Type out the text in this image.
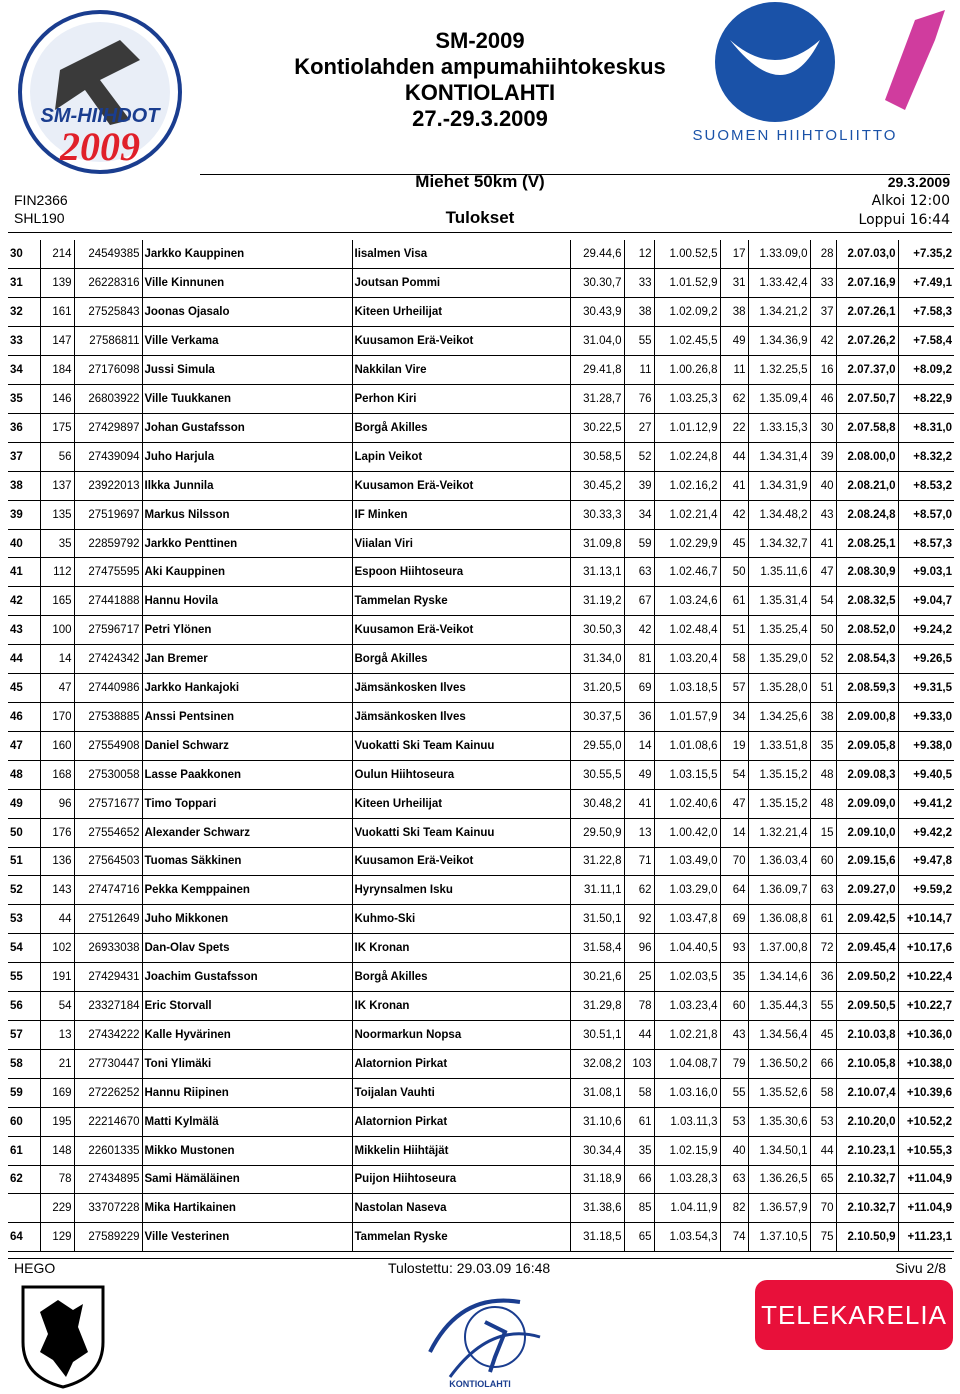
SM-HIIHDOT
2009
SM-2009
Kontiolahden ampumahiihtokeskus
KONTIOLAHTI
27.-29.3.2009
SUOMEN HIIHTOLIITTO
Miehet 50km (V)
Tulokset
FIN2366
SHL190
29.3.2009
Alkoi 12:00
Loppui 16:44
30	214	24549385	Jarkko Kauppinen	Iisalmen Visa	29.44,6	12	1.00.52,5	17	1.33.09,0	28	2.07.03,0	+7.35,2
31	139	26228316	Ville Kinnunen	Joutsan Pommi	30.30,7	33	1.01.52,9	31	1.33.42,4	33	2.07.16,9	+7.49,1
32	161	27525843	Joonas Ojasalo	Kiteen Urheilijat	30.43,9	38	1.02.09,2	38	1.34.21,2	37	2.07.26,1	+7.58,3
33	147	27586811	Ville Verkama	Kuusamon Erä-Veikot	31.04,0	55	1.02.45,5	49	1.34.36,9	42	2.07.26,2	+7.58,4
34	184	27176098	Jussi Simula	Nakkilan Vire	29.41,8	11	1.00.26,8	11	1.32.25,5	16	2.07.37,0	+8.09,2
35	146	26803922	Ville Tuukkanen	Perhon Kiri	31.28,7	76	1.03.25,3	62	1.35.09,4	46	2.07.50,7	+8.22,9
36	175	27429897	Johan Gustafsson	Borgå Akilles	30.22,5	27	1.01.12,9	22	1.33.15,3	30	2.07.58,8	+8.31,0
37	56	27439094	Juho Harjula	Lapin Veikot	30.58,5	52	1.02.24,8	44	1.34.31,4	39	2.08.00,0	+8.32,2
38	137	23922013	Ilkka Junnila	Kuusamon Erä-Veikot	30.45,2	39	1.02.16,2	41	1.34.31,9	40	2.08.21,0	+8.53,2
39	135	27519697	Markus Nilsson	IF Minken	30.33,3	34	1.02.21,4	42	1.34.48,2	43	2.08.24,8	+8.57,0
40	35	22859792	Jarkko Penttinen	Viialan Viri	31.09,8	59	1.02.29,9	45	1.34.32,7	41	2.08.25,1	+8.57,3
41	112	27475595	Aki Kauppinen	Espoon Hiihtoseura	31.13,1	63	1.02.46,7	50	1.35.11,6	47	2.08.30,9	+9.03,1
42	165	27441888	Hannu Hovila	Tammelan Ryske	31.19,2	67	1.03.24,6	61	1.35.31,4	54	2.08.32,5	+9.04,7
43	100	27596717	Petri Ylönen	Kuusamon Erä-Veikot	30.50,3	42	1.02.48,4	51	1.35.25,4	50	2.08.52,0	+9.24,2
44	14	27424342	Jan Bremer	Borgå Akilles	31.34,0	81	1.03.20,4	58	1.35.29,0	52	2.08.54,3	+9.26,5
45	47	27440986	Jarkko Hankajoki	Jämsänkosken Ilves	31.20,5	69	1.03.18,5	57	1.35.28,0	51	2.08.59,3	+9.31,5
46	170	27538885	Anssi Pentsinen	Jämsänkosken Ilves	30.37,5	36	1.01.57,9	34	1.34.25,6	38	2.09.00,8	+9.33,0
47	160	27554908	Daniel Schwarz	Vuokatti Ski Team Kainuu	29.55,0	14	1.01.08,6	19	1.33.51,8	35	2.09.05,8	+9.38,0
48	168	27530058	Lasse Paakkonen	Oulun Hiihtoseura	30.55,5	49	1.03.15,5	54	1.35.15,2	48	2.09.08,3	+9.40,5
49	96	27571677	Timo Toppari	Kiteen Urheilijat	30.48,2	41	1.02.40,6	47	1.35.15,2	48	2.09.09,0	+9.41,2
50	176	27554652	Alexander Schwarz	Vuokatti Ski Team Kainuu	29.50,9	13	1.00.42,0	14	1.32.21,4	15	2.09.10,0	+9.42,2
51	136	27564503	Tuomas Säkkinen	Kuusamon Erä-Veikot	31.22,8	71	1.03.49,0	70	1.36.03,4	60	2.09.15,6	+9.47,8
52	143	27474716	Pekka Kemppainen	Hyrynsalmen Isku	31.11,1	62	1.03.29,0	64	1.36.09,7	63	2.09.27,0	+9.59,2
53	44	27512649	Juho Mikkonen	Kuhmo-Ski	31.50,1	92	1.03.47,8	69	1.36.08,8	61	2.09.42,5	+10.14,7
54	102	26933038	Dan-Olav Spets	IK Kronan	31.58,4	96	1.04.40,5	93	1.37.00,8	72	2.09.45,4	+10.17,6
55	191	27429431	Joachim Gustafsson	Borgå Akilles	30.21,6	25	1.02.03,5	35	1.34.14,6	36	2.09.50,2	+10.22,4
56	54	23327184	Eric Storvall	IK Kronan	31.29,8	78	1.03.23,4	60	1.35.44,3	55	2.09.50,5	+10.22,7
57	13	27434222	Kalle Hyvärinen	Noormarkun Nopsa	30.51,1	44	1.02.21,8	43	1.34.56,4	45	2.10.03,8	+10.36,0
58	21	27730447	Toni Ylimäki	Alatornion Pirkat	32.08,2	103	1.04.08,7	79	1.36.50,2	66	2.10.05,8	+10.38,0
59	169	27226252	Hannu Riipinen	Toijalan Vauhti	31.08,1	58	1.03.16,0	55	1.35.52,6	58	2.10.07,4	+10.39,6
60	195	22214670	Matti Kylmälä	Alatornion Pirkat	31.10,6	61	1.03.11,3	53	1.35.30,6	53	2.10.20,0	+10.52,2
61	148	22601335	Mikko Mustonen	Mikkelin Hiihtäjät	30.34,4	35	1.02.15,9	40	1.34.50,1	44	2.10.23,1	+10.55,3
62	78	27434895	Sami Hämäläinen	Puijon Hiihtoseura	31.18,9	66	1.03.28,3	63	1.36.26,5	65	2.10.32,7	+11.04,9
	229	33707228	Mika Hartikainen	Nastolan Naseva	31.38,6	85	1.04.11,9	82	1.36.57,9	70	2.10.32,7	+11.04,9
64	129	27589229	Ville Vesterinen	Tammelan Ryske	31.18,5	65	1.03.54,3	74	1.37.10,5	75	2.10.50,9	+11.23,1
HEGO	Tulostettu: 29.03.09 16:48	Sivu 2/8
KONTIOLAHTI
TELEKARELIA
